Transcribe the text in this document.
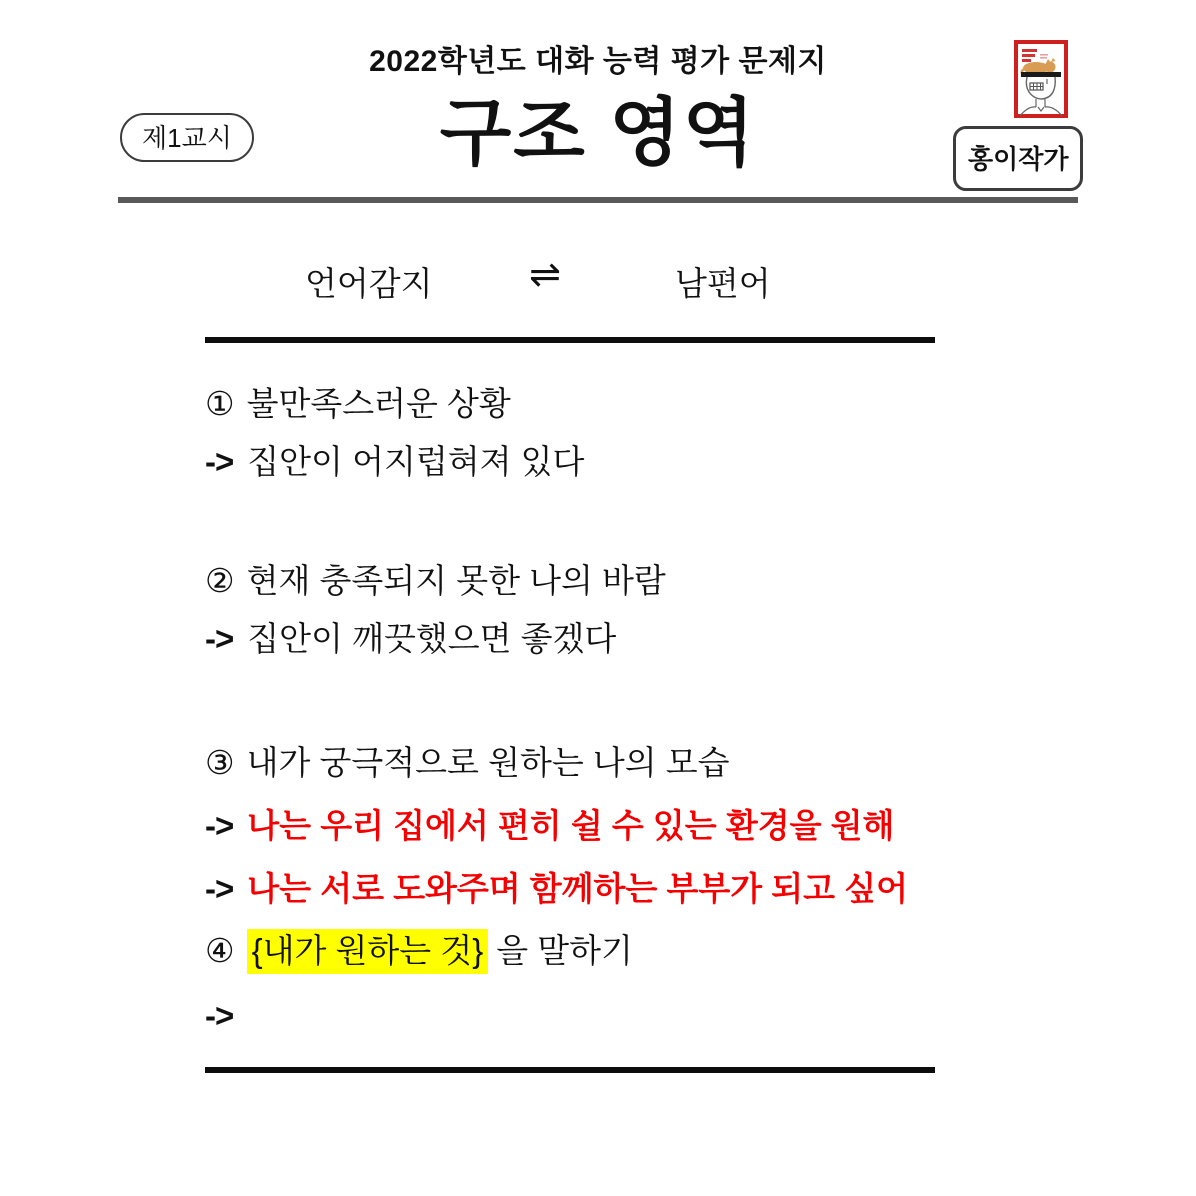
2022학년도 대화 능력 평가 문제지
구조 영역
제1교시
홍이작가
언어감지	⇌	남편어
① 불만족스러운 상황
-> 집안이 어지럽혀져 있다
② 현재 충족되지 못한 나의 바람
-> 집안이 깨끗했으면 좋겠다
③ 내가 궁극적으로 원하는 나의 모습
-> 나는 우리 집에서 편히 쉴 수 있는 환경을 원해
-> 나는 서로 도와주며 함께하는 부부가 되고 싶어
④ {내가 원하는 것} 을 말하기
->
